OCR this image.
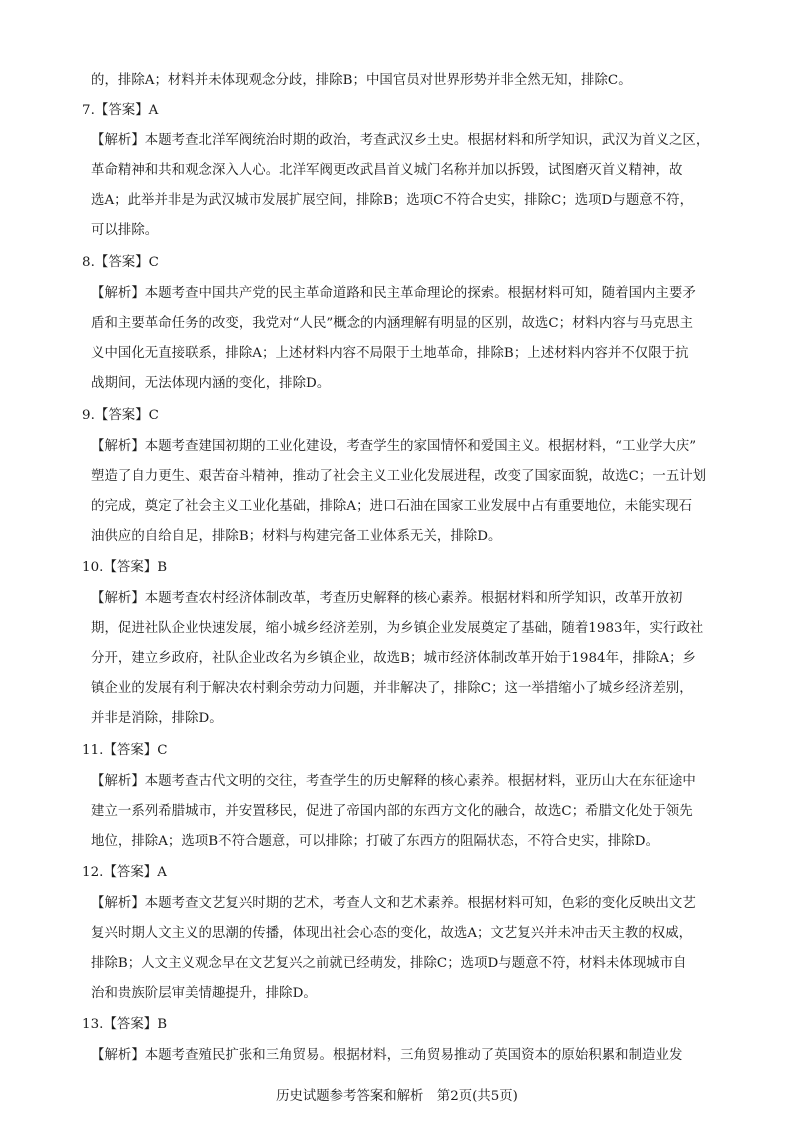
的，排除A；材料并未体现观念分歧，排除B；中国官员对世界形势并非全然无知，排除C。
7.【答案】A
【解析】本题考查北洋军阀统治时期的政治，考查武汉乡土史。根据材料和所学知识，武汉为首义之区，
革命精神和共和观念深入人心。北洋军阀更改武昌首义城门名称并加以拆毁，试图磨灭首义精神，故
选A；此举并非是为武汉城市发展扩展空间，排除B；选项C不符合史实，排除C；选项D与题意不符，
可以排除。
8.【答案】C
【解析】本题考查中国共产党的民主革命道路和民主革命理论的探索。根据材料可知，随着国内主要矛
盾和主要革命任务的改变，我党对“人民”概念的内涵理解有明显的区别，故选C；材料内容与马克思主
义中国化无直接联系，排除A；上述材料内容不局限于土地革命，排除B；上述材料内容并不仅限于抗
战期间，无法体现内涵的变化，排除D。
9.【答案】C
【解析】本题考查建国初期的工业化建设，考查学生的家国情怀和爱国主义。根据材料，“工业学大庆”
塑造了自力更生、艰苦奋斗精神，推动了社会主义工业化发展进程，改变了国家面貌，故选C；一五计划
的完成，奠定了社会主义工业化基础，排除A；进口石油在国家工业发展中占有重要地位，未能实现石
油供应的自给自足，排除B；材料与构建完备工业体系无关，排除D。
10.【答案】B
【解析】本题考查农村经济体制改革，考查历史解释的核心素养。根据材料和所学知识，改革开放初
期，促进社队企业快速发展，缩小城乡经济差别，为乡镇企业发展奠定了基础，随着1983年，实行政社
分开，建立乡政府，社队企业改名为乡镇企业，故选B；城市经济体制改革开始于1984年，排除A；乡
镇企业的发展有利于解决农村剩余劳动力问题，并非解决了，排除C；这一举措缩小了城乡经济差别，
并非是消除，排除D。
11.【答案】C
【解析】本题考查古代文明的交往，考查学生的历史解释的核心素养。根据材料，亚历山大在东征途中
建立一系列希腊城市，并安置移民，促进了帝国内部的东西方文化的融合，故选C；希腊文化处于领先
地位，排除A；选项B不符合题意，可以排除；打破了东西方的阻隔状态，不符合史实，排除D。
12.【答案】A
【解析】本题考查文艺复兴时期的艺术，考查人文和艺术素养。根据材料可知，色彩的变化反映出文艺
复兴时期人文主义的思潮的传播，体现出社会心态的变化，故选A；文艺复兴并未冲击天主教的权威，
排除B；人文主义观念早在文艺复兴之前就已经萌发，排除C；选项D与题意不符，材料未体现城市自
治和贵族阶层审美情趣提升，排除D。
13.【答案】B
【解析】本题考查殖民扩张和三角贸易。根据材料，三角贸易推动了英国资本的原始积累和制造业发
历史试题参考答案和解析　第2页(共5页)
